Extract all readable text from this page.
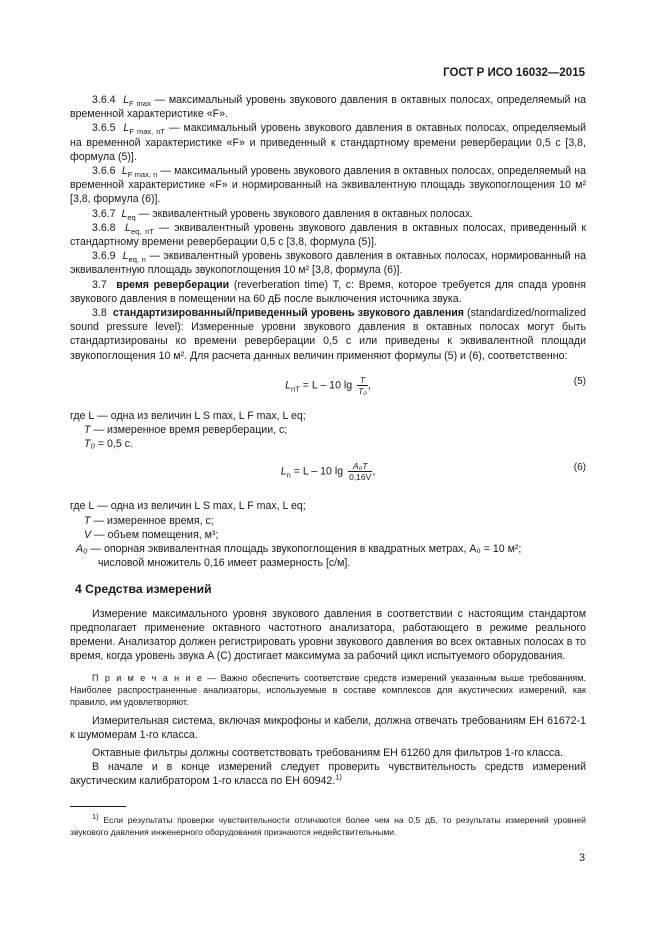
ГОСТ Р ИСО 16032—2015

3.6.4 $L_{F max}$ — максимальный уровень звукового давления в октавных полосах, определяемый на временной характеристике «F».

3.6.5 $L_{F max, nT}$ — максимальный уровень звукового давления в октавных полосах, определяемый на временной характеристике «F» и приведенный к стандартному времени реверберации 0,5 с [3,8, формула (5)].

3.6.6 $L_{F max, n}$ — максимальный уровень звукового давления в октавных полосах, определяемый на временной характеристике «F» и нормированный на эквивалентную площадь звукопоглощения 10 м² [3,8, формула (6)].

3.6.7 $L_{eq}$ — эквивалентный уровень звукового давления в октавных полосах.

3.6.8 $L_{eq, nT}$ — эквивалентный уровень звукового давления в октавных полосах, приведенный к стандартному времени реверберации 0,5 с [3,8, формула (5)].

3.6.9 $L_{eq, n}$ — эквивалентный уровень звукового давления в октавных полосах, нормированный на эквивалентную площадь звукопоглощения 10 м² [3,8, формула (6)].

3.7 время реверберации (reverberation time) T, c: Время, которое требуется для спада уровня звукового давления в помещении на 60 дБ после выключения источника звука.

3.8 стандартизированный/приведенный уровень звукового давления (standardized/normalized sound pressure level): Измеренные уровни звукового давления в октавных полосах могут быть стандартизированы ко времени реверберации 0,5 с или приведены к эквивалентной площади звукопоглощения 10 м². Для расчета данных величин применяют формулы (5) и (6), соответственно:

$L_{nT} = L - 10$ $\lg \frac{T}{\text{T₀}}$ ,	(5)
где L
— одна из величин L S max, L F max, L eq;
T
— измеренное время реверберации, с;
T₀
= 0,5 с.
$L_n = L - 10$ $\lg \frac{\text{A₀T}}{0,16V}$ ,	(6)
где L
— одна из величин L S max, L F max, L eq;
T
— измеренное время, с;
V
— объем помещения, м³;
A₀
— опорная эквивалентная площадь звукопоглощения в квадратных метрах, A₀ = 10 м²;
числовой множитель 0,16 имеет размерность [с/м].
4 Средства измерений

Измерение максимального уровня звукового давления в соответствии с настоящим стандартом предполагает применение октавного частотного анализатора, работающего в режиме реального времени. Анализатор должен регистрировать уровни звукового давления во всех октавных полосах в то время, когда уровень звука A (C) достигает максимума за рабочий цикл испытуемого оборудования.

П р и м е ч а н и е — Важно обеспечить соответствие средств измерений указанным выше требованиям. Наиболее распространенные анализаторы, используемые в составе комплексов для акустических измерений, как правило, им удовлетворяют.

Измерительная система, включая микрофоны и кабели, должна отвечать требованиям ЕН 61672-1 к шумомерам 1-го класса.

Октавные фильтры должны соответствовать требованиям ЕН 61260 для фильтров 1-го класса.

В начале и в конце измерений следует проверить чувствительность средств измерений акустическим калибратором 1-го класса по ЕН 60942.$^{1)}$

$^{1)}$ Если результаты проверки чувствительности отличаются более чем на 0,5 дБ, то результаты измерений уровней звукового давления инженерного оборудования признаются недействительными.
3
